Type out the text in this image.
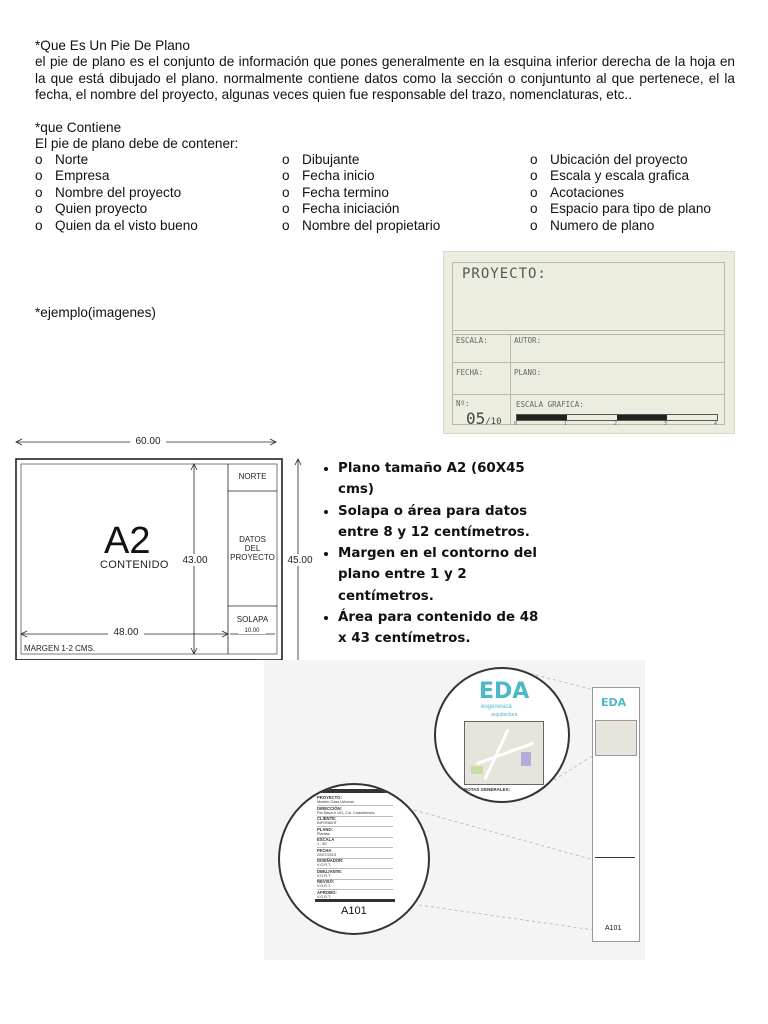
*Que Es Un Pie De Plano
el pie de plano es el conjunto de información que pones generalmente en la esquina inferior derecha de la hoja en la que está dibujado el plano. normalmente contiene datos como la sección o conjuntunto al que pertenece, el la fecha, el nombre del proyecto, algunas veces quien fue responsable del trazo, nomenclaturas, etc..
*que Contiene
El pie de plano debe de contener:
o Norte
o Empresa
o Nombre del proyecto
o Quien proyecto
o Quien da el visto bueno
o Dibujante
o Fecha inicio
o Fecha termino
o Fecha iniciación
o Nombre del propietario
o Ubicación del proyecto
o Escala y escala grafica
o Acotaciones
o Espacio para tipo de plano
o Numero de plano
*ejemplo(imagenes)
PROYECTO:
ESCALA:	AUTOR:
FECHA:	PLANO:
Nº:	ESCALA GRAFICA:
05/10 0	1	2	3	4
60.00
43.00	45.00
48.00
NORTE
DATOS
DEL
PROYECTO
SOLAPA
10.00
MARGEN 1-2 CMS.
A2
CONTENIDO
• Plano tamaño A2 (60X45 cms)
• Solapa o área para datos entre 8 y 12 centímetros.
• Margen en el contorno del plano entre 1 y 2 centímetros.
• Área para contenido de 48 x 43 centímetros.
EDA
eugenesica
arquitectura
NOTAS GENERALES:
PROYECTO:
Modelo Casa Urbanal
DIRECCIÓN:
Rio Nava # 101, Col. Cuauhtémoc
CLIENTE:
INFONAVIT
PLANO:
Plantas
ESCALA
1 : 50
FECHA
22/07/2015
DISEÑADOR:
V.G.R.T.
DIBUJANTE:
V.G.R.T.
REVISÓ:
V.G.R.T.
APROBÓ:
V.G.R.T.
A101
EDA
A101
